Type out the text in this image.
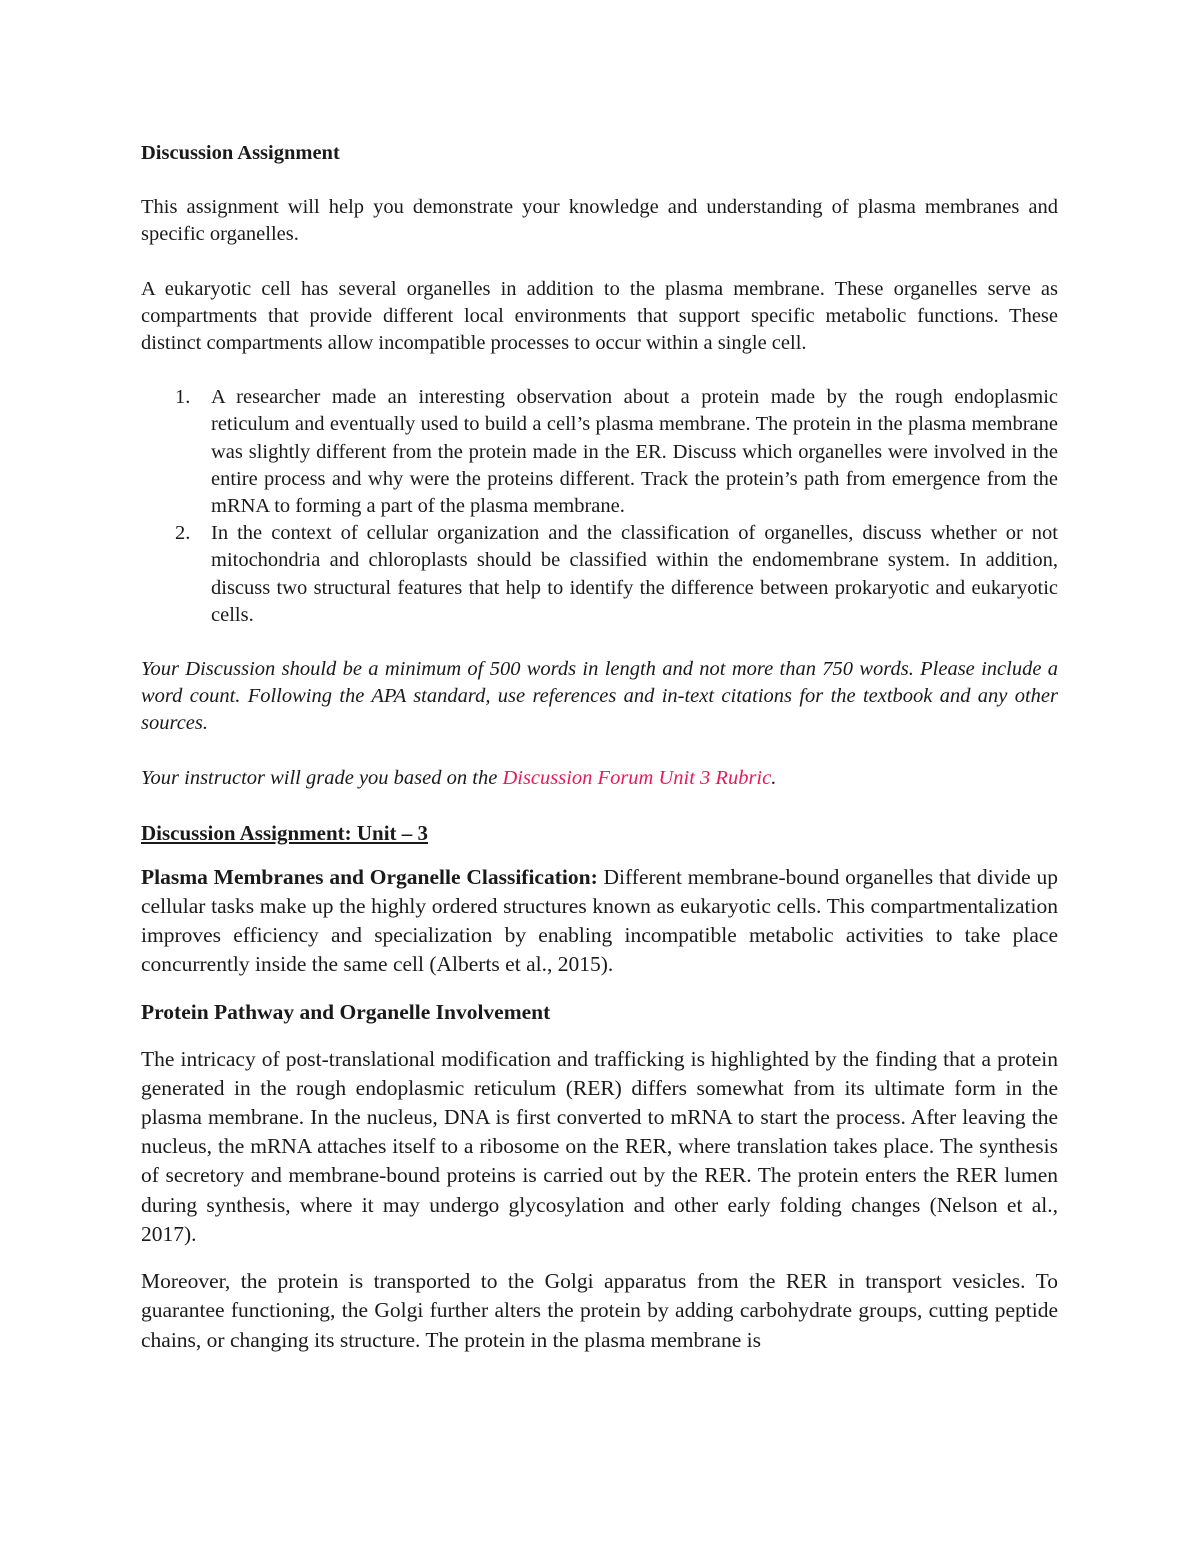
Discussion Assignment

This assignment will help you demonstrate your knowledge and understanding of plasma membranes and specific organelles.

A eukaryotic cell has several organelles in addition to the plasma membrane. These organelles serve as compartments that provide different local environments that support specific metabolic functions. These distinct compartments allow incompatible processes to occur within a single cell.

1. A researcher made an interesting observation about a protein made by the rough endoplasmic reticulum and eventually used to build a cell’s plasma membrane. The protein in the plasma membrane was slightly different from the protein made in the ER. Discuss which organelles were involved in the entire process and why were the proteins different. Track the protein’s path from emergence from the mRNA to forming a part of the plasma membrane.
2. In the context of cellular organization and the classification of organelles, discuss whether or not mitochondria and chloroplasts should be classified within the endomembrane system. In addition, discuss two structural features that help to identify the difference between prokaryotic and eukaryotic cells.

Your Discussion should be a minimum of 500 words in length and not more than 750 words. Please include a word count. Following the APA standard, use references and in-text citations for the textbook and any other sources.

Your instructor will grade you based on the Discussion Forum Unit 3 Rubric.

Discussion Assignment: Unit – 3

Plasma Membranes and Organelle Classification: Different membrane-bound organelles that divide up cellular tasks make up the highly ordered structures known as eukaryotic cells. This compartmentalization improves efficiency and specialization by enabling incompatible metabolic activities to take place concurrently inside the same cell (Alberts et al., 2015).

Protein Pathway and Organelle Involvement

The intricacy of post-translational modification and trafficking is highlighted by the finding that a protein generated in the rough endoplasmic reticulum (RER) differs somewhat from its ultimate form in the plasma membrane. In the nucleus, DNA is first converted to mRNA to start the process. After leaving the nucleus, the mRNA attaches itself to a ribosome on the RER, where translation takes place. The synthesis of secretory and membrane-bound proteins is carried out by the RER. The protein enters the RER lumen during synthesis, where it may undergo glycosylation and other early folding changes (Nelson et al., 2017).

Moreover, the protein is transported to the Golgi apparatus from the RER in transport vesicles. To guarantee functioning, the Golgi further alters the protein by adding carbohydrate groups, cutting peptide chains, or changing its structure. The protein in the plasma membrane is
